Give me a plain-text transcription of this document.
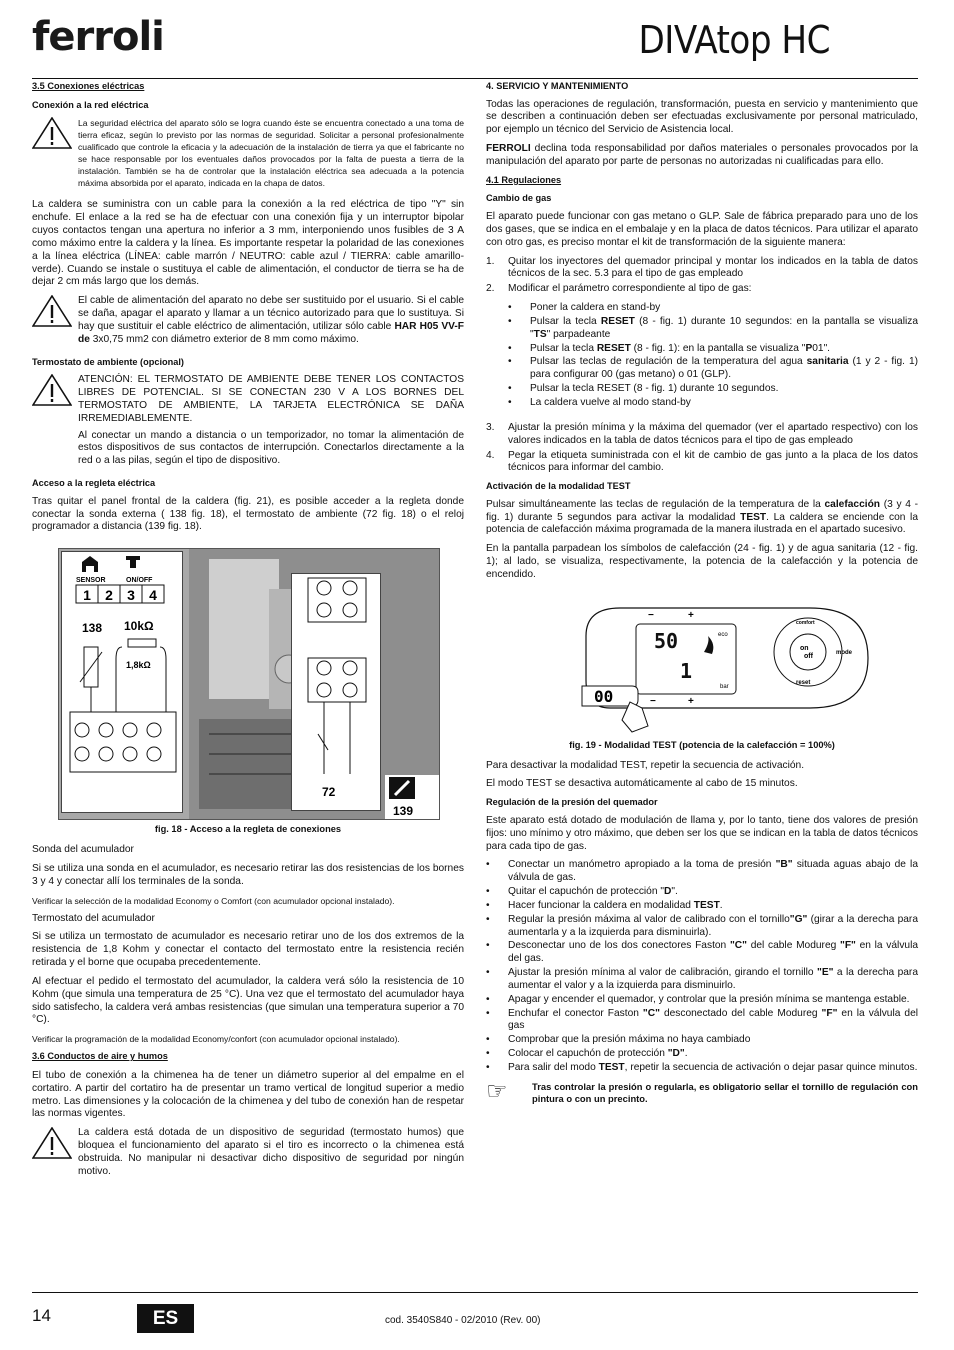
ferroli	DIVAtop HC
3.5 Conexiones eléctricas
Conexión a la red eléctrica

La seguridad eléctrica del aparato sólo se logra cuando éste se encuentra conectado a una toma de tierra eficaz, según lo previsto por las normas de seguridad. Solicitar a personal profesionalmente cualificado que controle la eficacia y la adecuación de la instalación de tierra ya que el fabricante no se hace responsable por los eventuales daños provocados por la falta de puesta a tierra de la instalación. También se ha de controlar que la instalación eléctrica sea adecuada a la potencia máxima absorbida por el aparato, indicada en la chapa de datos.

La caldera se suministra con un cable para la conexión a la red eléctrica de tipo "Y" sin enchufe. El enlace a la red se ha de efectuar con una conexión fija y un interruptor bipolar cuyos contactos tengan una apertura no inferior a 3 mm, interponiendo unos fusibles de 3 A como máximo entre la caldera y la línea. Es importante respetar la polaridad de las conexiones a la línea eléctrica (LÍNEA: cable marrón / NEUTRO: cable azul / TIERRA: cable amarillo-verde). Cuando se instale o sustituya el cable de alimentación, el conductor de tierra se ha de dejar 2 cm más largo que los demás.

El cable de alimentación del aparato no debe ser sustituido por el usuario. Si el cable se daña, apagar el aparato y llamar a un técnico autorizado para que lo sustituya. Si hay que sustituir el cable eléctrico de alimentación, utilizar sólo cable HAR H05 VV-F de 3x0,75 mm2 con diámetro exterior de 8 mm como máximo.

Termostato de ambiente (opcional)

ATENCIÓN: EL TERMOSTATO DE AMBIENTE DEBE TENER LOS CONTACTOS LIBRES DE POTENCIAL. SI SE CONECTAN 230 V A LOS BORNES DEL TERMOSTATO DE AMBIENTE, LA TARJETA ELECTRÓNICA SE DAÑA IRREMEDIABLEMENTE.

Al conectar un mando a distancia o un temporizador, no tomar la alimentación de estos dispositivos de sus contactos de interrupción. Conectarlos directamente a la red o a las pilas, según el tipo de dispositivo.

Acceso a la regleta eléctrica

Tras quitar el panel frontal de la caldera (fig. 21), es posible acceder a la regleta donde conectar la sonda externa ( 138 fig. 18), el termostato de ambiente (72 fig. 18) o el reloj programador a distancia (139 fig. 18).

SENSOR	ON/OFF
1 2 3 4
138 10kΩ
1,8kΩ
72
139
fig. 18 - Acceso a la regleta de conexiones

Sonda del acumulador

Si se utiliza una sonda en el acumulador, es necesario retirar las dos resistencias de los bornes 3 y 4 y conectar allí los terminales de la sonda.

Verificar la selección de la modalidad Economy o Comfort (con acumulador opcional instalado).

Termostato del acumulador

Si se utiliza un termostato de acumulador es necesario retirar uno de los dos extremos de la resistencia de 1,8 Kohm y conectar el contacto del termostato entre la resistencia recién retirada y el borne que ocupaba precedentemente.

Al efectuar el pedido el termostato del acumulador, la caldera verá sólo la resistencia de 10 Kohm (que simula una temperatura de 25 °C). Una vez que el termostato del acumulador haya sido satisfecho, la caldera verá ambas resistencias (que simulan una temperatura superior a 70 °C).

Verificar la programación de la modalidad Economy/confort (con acumulador opcional instalado).

3.6 Conductos de aire y humos

El tubo de conexión a la chimenea ha de tener un diámetro superior al del empalme en el cortatiro. A partir del cortatiro ha de presentar un tramo vertical de longitud superior a medio metro. Las dimensiones y la colocación de la chimenea y del tubo de conexión han de respetar las normas vigentes.

La caldera está dotada de un dispositivo de seguridad (termostato humos) que bloquea el funcionamiento del aparato si el tiro es incorrecto o la chimenea está obstruida. No manipular ni desactivar dicho dispositivo de seguridad por ningún motivo.

4. SERVICIO Y MANTENIMIENTO

Todas las operaciones de regulación, transformación, puesta en servicio y mantenimiento que se describen a continuación deben ser efectuadas exclusivamente por personal matriculado, por ejemplo un técnico del Servicio de Asistencia local.

FERROLI declina toda responsabilidad por daños materiales o personales provocados por la manipulación del aparato por parte de personas no autorizadas ni cualificadas para ello.

4.1 Regulaciones
Cambio de gas

El aparato puede funcionar con gas metano o GLP. Sale de fábrica preparado para uno de los dos gases, que se indica en el embalaje y en la placa de datos técnicos. Para utilizar el aparato con otro gas, es preciso montar el kit de transformación de la siguiente manera:

1.	Quitar los inyectores del quemador principal y montar los indicados en la tabla de datos técnicos de la sec. 5.3 para el tipo de gas empleado
2.	Modificar el parámetro correspondiente al tipo de gas:
•	Poner la caldera en stand-by
•	Pulsar la tecla RESET (8 - fig. 1) durante 10 segundos: en la pantalla se visualiza "TS" parpadeante
•	Pulsar la tecla RESET (8 - fig. 1): en la pantalla se visualiza "P01".
•	Pulsar las teclas de regulación de la temperatura del agua sanitaria (1 y 2 - fig. 1) para configurar 00 (gas metano) o 01 (GLP).
•	Pulsar la tecla RESET (8 - fig. 1) durante 10 segundos.
•	La caldera vuelve al modo stand-by
3.	Ajustar la presión mínima y la máxima del quemador (ver el apartado respectivo) con los valores indicados en la tabla de datos técnicos para el tipo de gas empleado
4.	Pegar la etiqueta suministrada con el kit de cambio de gas junto a la placa de los datos técnicos para informar del cambio.
Activación de la modalidad TEST

Pulsar simultáneamente las teclas de regulación de la temperatura de la calefacción (3 y 4 - fig. 1) durante 5 segundos para activar la modalidad TEST. La caldera se enciende con la potencia de calefacción máxima programada de la manera ilustrada en el apartado sucesivo.

En la pantalla parpadean los símbolos de calefacción (24 - fig. 1) y de agua sanitaria (12 - fig. 1); al lado, se visualiza, respectivamente, la potencia de la calefacción y la potencia de encendido.

−	+
−	+
50
1
eco
bar
on
off
comfort
reset
mode
00
fig. 19 - Modalidad TEST (potencia de la calefacción = 100%)

Para desactivar la modalidad TEST, repetir la secuencia de activación.

El modo TEST se desactiva automáticamente al cabo de 15 minutos.

Regulación de la presión del quemador

Este aparato está dotado de modulación de llama y, por lo tanto, tiene dos valores de presión fijos: uno mínimo y otro máximo, que deben ser los que se indican en la tabla de datos técnicos para cada tipo de gas.

•	Conectar un manómetro apropiado a la toma de presión "B" situada aguas abajo de la válvula de gas.
•	Quitar el capuchón de protección "D".
•	Hacer funcionar la caldera en modalidad TEST.
•	Regular la presión máxima al valor de calibrado con el tornillo"G" (girar a la derecha para aumentarla y a la izquierda para disminuirla).
•	Desconectar uno de los dos conectores Faston "C" del cable Modureg "F" en la válvula del gas.
•	Ajustar la presión mínima al valor de calibración, girando el tornillo "E" a la derecha para aumentar el valor y a la izquierda para disminuirlo.
•	Apagar y encender el quemador, y controlar que la presión mínima se mantenga estable.
•	Enchufar el conector Faston "C" desconectado del cable Modureg "F" en la válvula del gas
•	Comprobar que la presión máxima no haya cambiado
•	Colocar el capuchón de protección "D".
•	Para salir del modo TEST, repetir la secuencia de activación o dejar pasar quince minutos.
☞	Tras controlar la presión o regularla, es obligatorio sellar el tornillo de regulación con pintura o con un precinto.

14	ES	cod. 3540S840 - 02/2010 (Rev. 00)
